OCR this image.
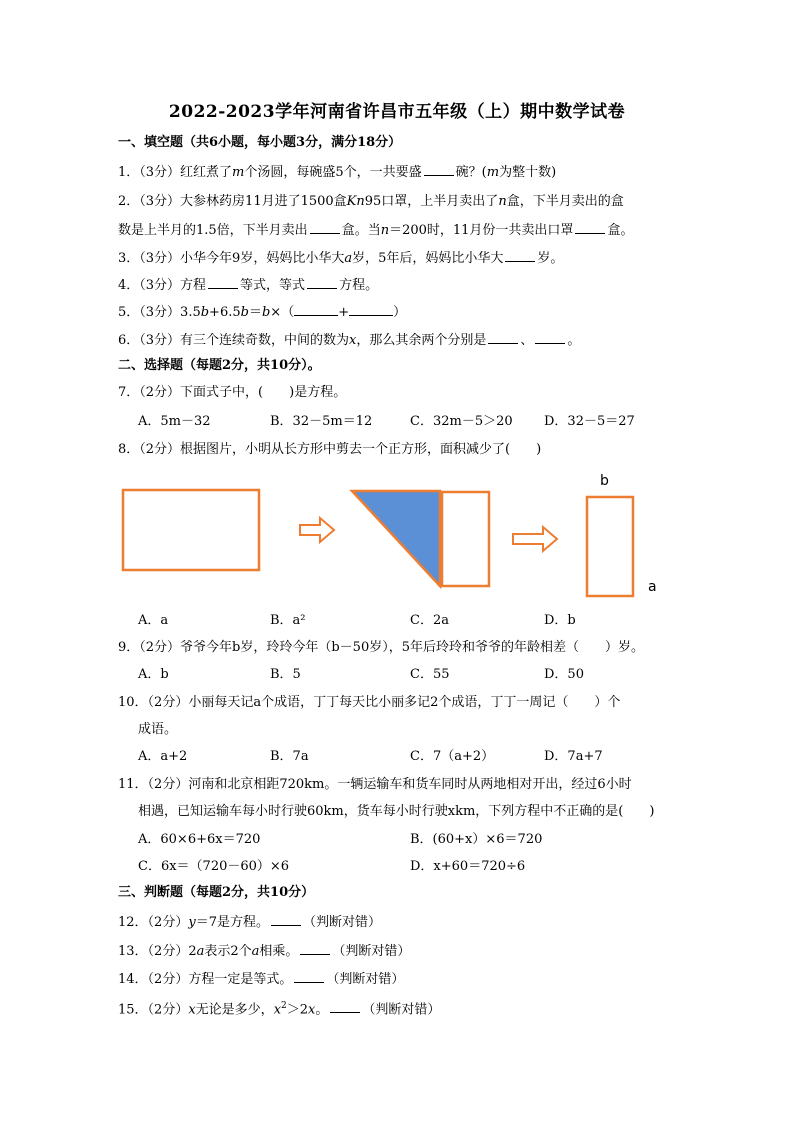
2022-2023学年河南省许昌市五年级（上）期中数学试卷
一、填空题（共6小题，每小题3分，满分18分）
1．（3分）红红煮了m个汤圆，每碗盛5个，一共要盛	碗？(m为整十数)
2．（3分）大参林药房11月进了1500盒Kn95口罩，上半月卖出了n盒，下半月卖出的盒
数是上半月的1.5倍，下半月卖出	盒。当n＝200时，11月份一共卖出口罩	盒。
3．（3分）小华今年9岁，妈妈比小华大a岁，5年后，妈妈比小华大	岁。
4．（3分）方程	等式，等式	方程。
5．（3分）3.5b+6.5b＝b×（	+	）
6．（3分）有三个连续奇数，中间的数为x，那么其余两个分别是	、	。
二、选择题（每题2分，共10分）。
7．（2分）下面式子中，( )是方程。
A．5m－32	B．32－5m＝12	C．32m－5＞20 D．32－5＝27
8．（2分）根据图片，小明从长方形中剪去一个正方形，面积减少了( )
b
a
A．a	B．a²	C．2a	D．b
9．（2分）爷爷今年b岁，玲玲今年（b－50岁），5年后玲玲和爷爷的年龄相差（ ）岁。
A．b	B．5	C．55	D．50
10．（2分）小丽每天记a个成语，丁丁每天比小丽多记2个成语，丁丁一周记（ ）个
成语。
A．a+2	B．7a	C．7（a+2）	D．7a+7
11．（2分）河南和北京相距720km。一辆运输车和货车同时从两地相对开出，经过6小时
相遇，已知运输车每小时行驶60km，货车每小时行驶xkm，下列方程中不正确的是( )
A．60×6+6x＝720	B．(60+x）×6＝720
C．6x＝（720－60）×6	D．x+60＝720÷6
三、判断题（每题2分，共10分）
12．（2分）y＝7是方程。	（判断对错）
13．（2分）2a表示2个a相乘。	（判断对错）
14．（2分）方程一定是等式。	（判断对错）
15．（2分）x无论是多少，$x^2>2x$。	（判断对错）
